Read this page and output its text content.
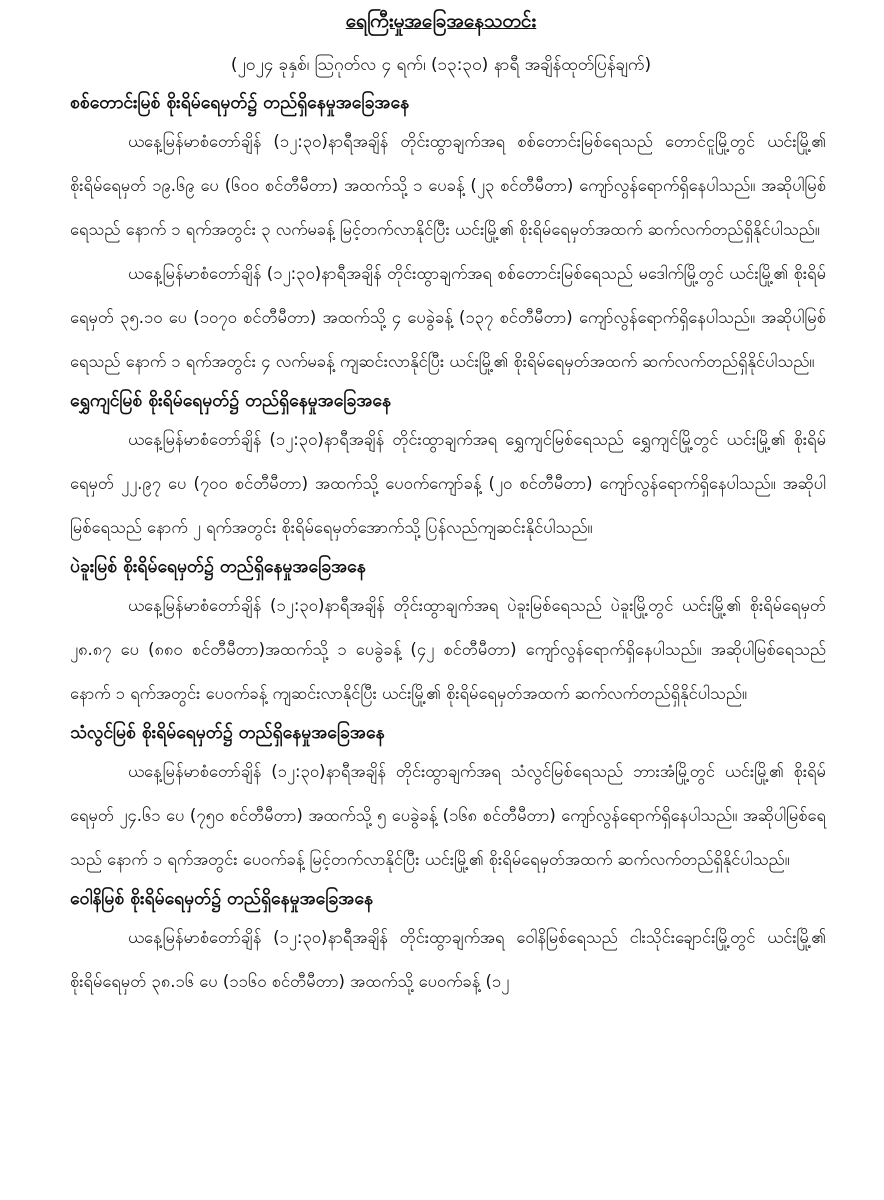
ရေကြီးမှုအခြေအနေသတင်း
(၂၀၂၄ ခုနှစ်၊ ဩဂုတ်လ ၄ ရက်၊ (၁၃:၃၀) နာရီ အချိန်ထုတ်ပြန်ချက်)
စစ်တောင်းမြစ် စိုးရိမ်ရေမှတ်၌ တည်ရှိနေမှုအခြေအနေ

ယနေ့မြန်မာစံတော်ချိန် (၁၂:၃၀)နာရီအချိန် တိုင်းထွာချက်အရ စစ်တောင်းမြစ်ရေသည် တောင်ငူမြို့တွင် ယင်းမြို့၏ စိုးရိမ်ရေမှတ် ၁၉.၆၉ ပေ (၆၀၀ စင်တီမီတာ) အထက်သို့ ၁ ပေခန့် (၂၃ စင်တီမီတာ) ကျော်လွန်ရောက်ရှိနေပါသည်။ အဆိုပါမြစ်ရေသည် နောက် ၁ ရက်အတွင်း ၃ လက်မခန့် မြင့်တက်လာနိုင်ပြီး ယင်းမြို့၏ စိုးရိမ်ရေမှတ်အထက် ဆက်လက်တည်ရှိနိုင်ပါသည်။

ယနေ့မြန်မာစံတော်ချိန် (၁၂:၃၀)နာရီအချိန် တိုင်းထွာချက်အရ စစ်တောင်းမြစ်ရေသည် မဒေါက်မြို့တွင် ယင်းမြို့၏ စိုးရိမ်ရေမှတ် ၃၅.၁၀ ပေ (၁၀၇၀ စင်တီမီတာ) အထက်သို့ ၄ ပေခွဲခန့် (၁၃၇ စင်တီမီတာ) ကျော်လွန်ရောက်ရှိနေပါသည်။ အဆိုပါမြစ်ရေသည် နောက် ၁ ရက်အတွင်း ၄ လက်မခန့် ကျဆင်းလာနိုင်ပြီး ယင်းမြို့၏ စိုးရိမ်ရေမှတ်အထက် ဆက်လက်တည်ရှိနိုင်ပါသည်။

ရွှေကျင်မြစ် စိုးရိမ်ရေမှတ်၌ တည်ရှိနေမှုအခြေအနေ

ယနေ့မြန်မာစံတော်ချိန် (၁၂:၃၀)နာရီအချိန် တိုင်းထွာချက်အရ ရွှေကျင်မြစ်ရေသည် ရွှေကျင်မြို့တွင် ယင်းမြို့၏ စိုးရိမ်ရေမှတ် ၂၂.၉၇ ပေ (၇၀၀ စင်တီမီတာ) အထက်သို့ ပေဝက်ကျော်ခန့် (၂၀ စင်တီမီတာ) ကျော်လွန်ရောက်ရှိနေပါသည်။ အဆိုပါမြစ်ရေသည် နောက် ၂ ရက်အတွင်း စိုးရိမ်ရေမှတ်အောက်သို့ ပြန်လည်ကျဆင်းနိုင်ပါသည်။

ပဲခူးမြစ် စိုးရိမ်ရေမှတ်၌ တည်ရှိနေမှုအခြေအနေ

ယနေ့မြန်မာစံတော်ချိန် (၁၂:၃၀)နာရီအချိန် တိုင်းထွာချက်အရ ပဲခူးမြစ်ရေသည် ပဲခူးမြို့တွင် ယင်းမြို့၏ စိုးရိမ်ရေမှတ် ၂၈.၈၇ ပေ (၈၈၀ စင်တီမီတာ)အထက်သို့ ၁ ပေခွဲခန့် (၄၂ စင်တီမီတာ) ကျော်လွန်ရောက်ရှိနေပါသည်။ အဆိုပါမြစ်ရေသည် နောက် ၁ ရက်အတွင်း ပေဝက်ခန့် ကျဆင်းလာနိုင်ပြီး ယင်းမြို့၏ စိုးရိမ်ရေမှတ်အထက် ဆက်လက်တည်ရှိနိုင်ပါသည်။

သံလွင်မြစ် စိုးရိမ်ရေမှတ်၌ တည်ရှိနေမှုအခြေအနေ

ယနေ့မြန်မာစံတော်ချိန် (၁၂:၃၀)နာရီအချိန် တိုင်းထွာချက်အရ သံလွင်မြစ်ရေသည် ဘားအံမြို့တွင် ယင်းမြို့၏ စိုးရိမ်ရေမှတ် ၂၄.၆၁ ပေ (၇၅၀ စင်တီမီတာ) အထက်သို့ ၅ ပေခွဲခန့် (၁၆၈ စင်တီမီတာ) ကျော်လွန်ရောက်ရှိနေပါသည်။ အဆိုပါမြစ်ရေသည် နောက် ၁ ရက်အတွင်း ပေဝက်ခန့် မြင့်တက်လာနိုင်ပြီး ယင်းမြို့၏ စိုးရိမ်ရေမှတ်အထက် ဆက်လက်တည်ရှိနိုင်ပါသည်။

ဝေါနိမြစ် စိုးရိမ်ရေမှတ်၌ တည်ရှိနေမှုအခြေအနေ

ယနေ့မြန်မာစံတော်ချိန် (၁၂:၃၀)နာရီအချိန် တိုင်းထွာချက်အရ ဝေါနိမြစ်ရေသည် ငါးသိုင်းချောင်းမြို့တွင် ယင်းမြို့၏ စိုးရိမ်ရေမှတ် ၃၈.၁၆ ပေ (၁၁၆၀ စင်တီမီတာ) အထက်သို့ ပေဝက်ခန့် (၁၂
